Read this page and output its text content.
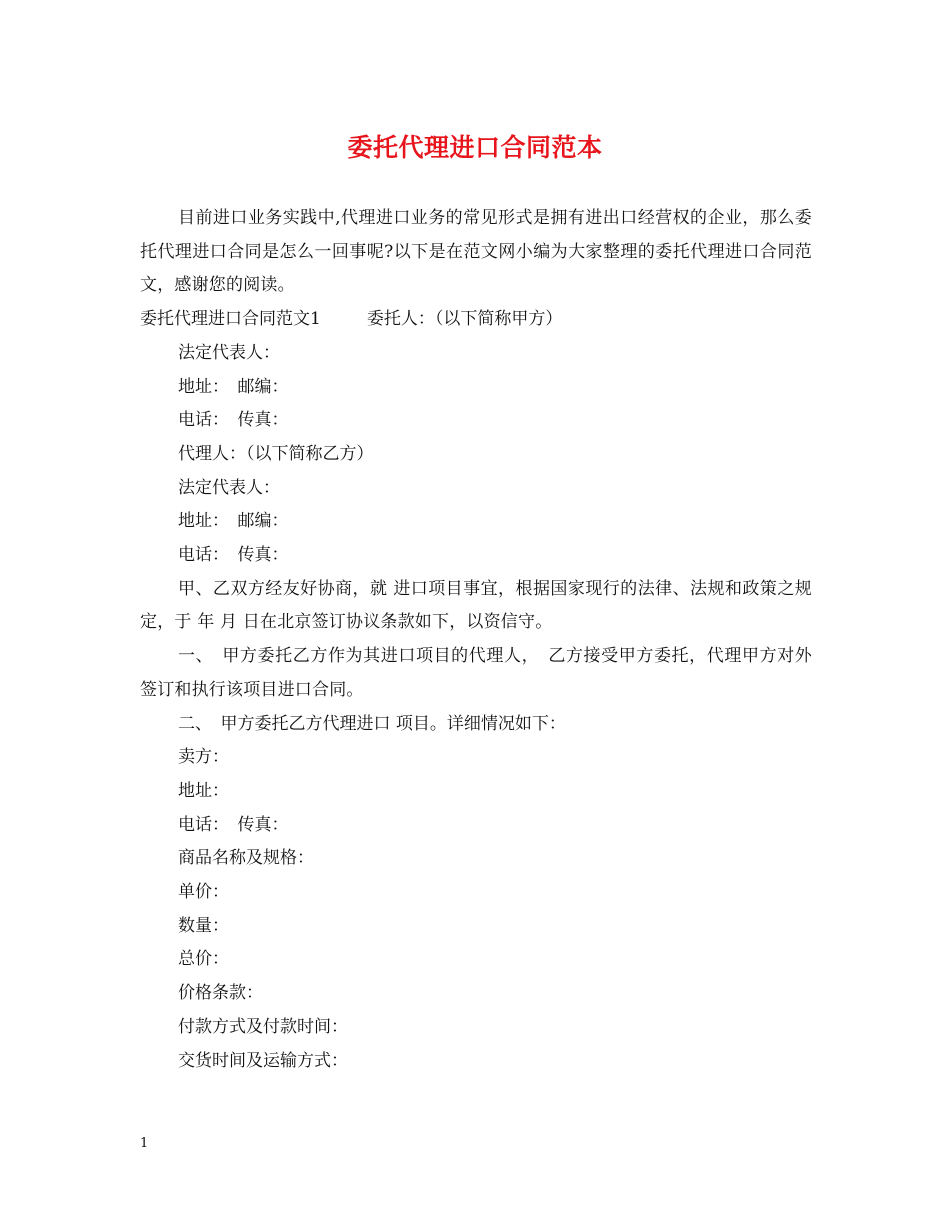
委托代理进口合同范本

目前进口业务实践中,代理进口业务的常见形式是拥有进出口经营权的企业，那么委托代理进口合同是怎么一回事呢?以下是在范文网小编为大家整理的委托代理进口合同范文，感谢您的阅读。

委托代理进口合同范文1	委托人：（以下简称甲方）

法定代表人：

地址：　邮编：

电话：　传真：

代理人：（以下简称乙方）

法定代表人：

地址：　邮编：

电话：　传真：

甲、乙双方经友好协商，就 进口项目事宜，根据国家现行的法律、法规和政策之规定，于 年 月 日在北京签订协议条款如下，以资信守。

一、　甲方委托乙方作为其进口项目的代理人，　乙方接受甲方委托，代理甲方对外签订和执行该项目进口合同。

二、　甲方委托乙方代理进口 项目。详细情况如下：

卖方：

地址：

电话：　传真：

商品名称及规格：

单价：

数量：

总价：

价格条款：

付款方式及付款时间：

交货时间及运输方式：

1
